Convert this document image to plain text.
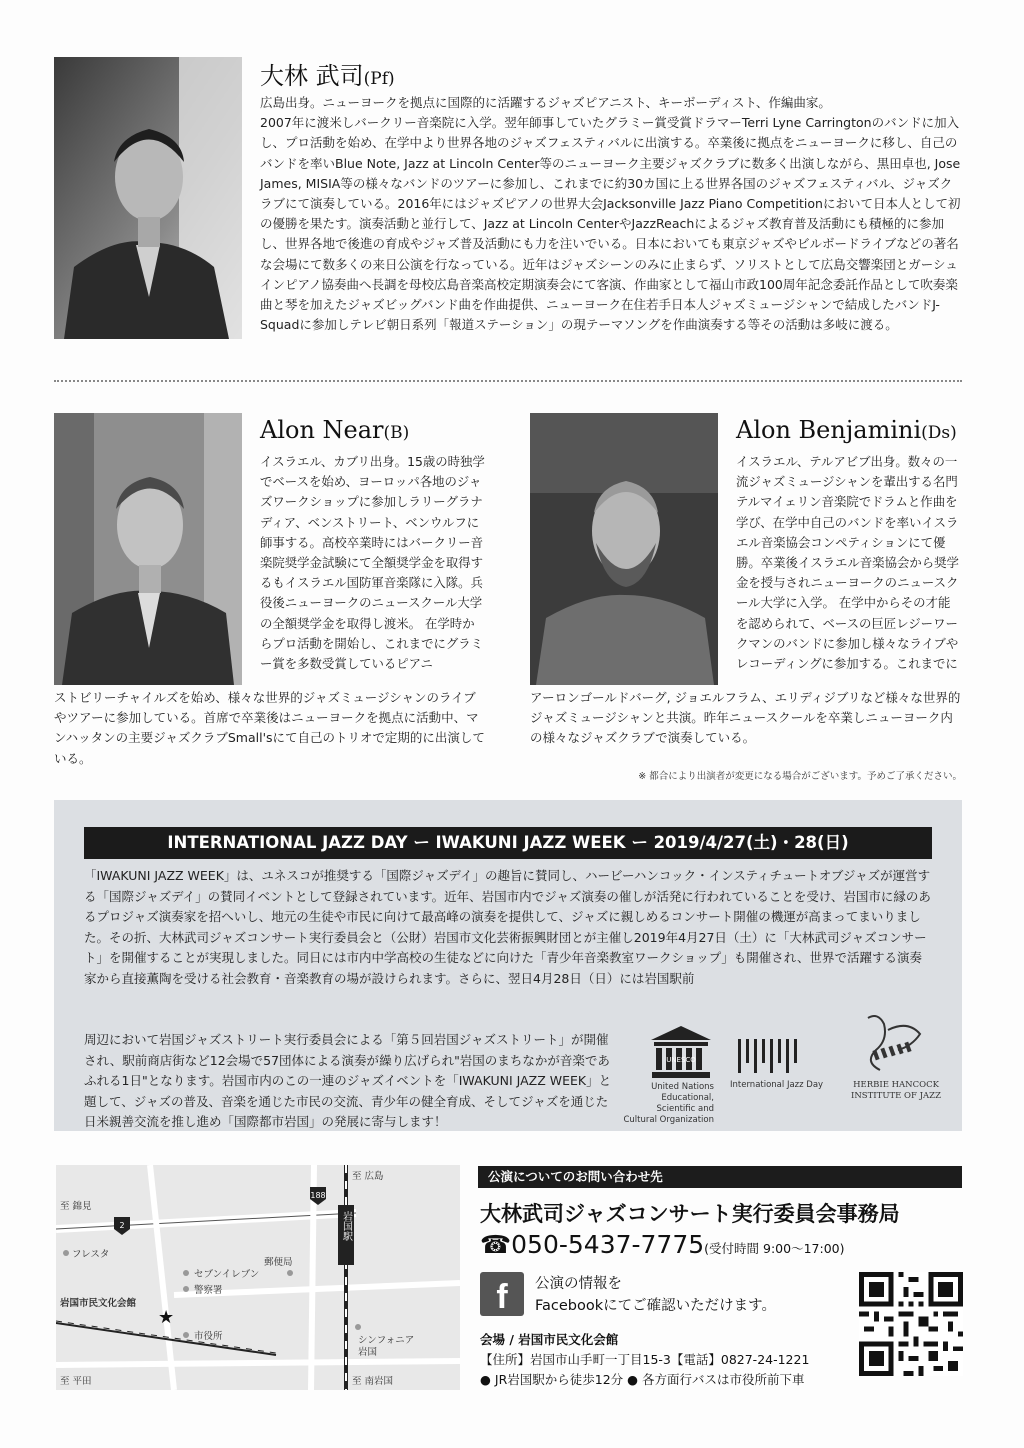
大林 武司(Pf)

広島出身。ニューヨークを拠点に国際的に活躍するジャズピアニスト、キーボーディスト、作編曲家。

2007年に渡米しバークリー音楽院に入学。翌年師事していたグラミー賞受賞ドラマーTerri Lyne Carringtonのバンドに加入し、プロ活動を始め、在学中より世界各地のジャズフェスティバルに出演する。卒業後に拠点をニューヨークに移し、自己のバンドを率いBlue Note, Jazz at Lincoln Center等のニューヨーク主要ジャズクラブに数多く出演しながら、黒田卓也, Jose James, MISIA等の様々なバンドのツアーに参加し、これまでに約30カ国に上る世界各国のジャズフェスティバル、ジャズクラブにて演奏している。2016年にはジャズピアノの世界大会Jacksonville Jazz Piano Competitionにおいて日本人として初の優勝を果たす。演奏活動と並行して、Jazz at Lincoln CenterやJazzReachによるジャズ教育普及活動にも積極的に参加し、世界各地で後進の育成やジャズ普及活動にも力を注いでいる。日本においても東京ジャズやビルボードライブなどの著名な会場にて数多くの来日公演を行なっている。近年はジャズシーンのみに止まらず、ソリストとして広島交響楽団とガーシュインピアノ協奏曲へ長調を母校広島音楽高校定期演奏会にて客演、作曲家として福山市政100周年記念委託作品として吹奏楽曲と琴を加えたジャズビッグバンド曲を作曲提供、ニューヨーク在住若手日本人ジャズミュージシャンで結成したバンドJ-Squadに参加しテレビ朝日系列「報道ステーション」の現テーマソングを作曲演奏する等その活動は多岐に渡る。

Alon Near(B)

イスラエル、カブリ出身。15歳の時独学でベースを始め、ヨーロッパ各地のジャズワークショップに参加しラリーグラナディア、ベンストリート、ベンウルフに師事する。高校卒業時にはバークリー音楽院奨学金試験にて全額奨学金を取得するもイスラエル国防軍音楽隊に入隊。兵役後ニューヨークのニュースクール大学の全額奨学金を取得し渡米。 在学時からプロ活動を開始し、これまでにグラミー賞を多数受賞しているピアニ

ストビリーチャイルズを始め、様々な世界的ジャズミュージシャンのライブやツアーに参加している。首席で卒業後はニューヨークを拠点に活動中、マンハッタンの主要ジャズクラブSmall'sにて自己のトリオで定期的に出演している。

Alon Benjamini(Ds)

イスラエル、テルアビブ出身。数々の一流ジャズミュージシャンを輩出する名門テルマイェリン音楽院でドラムと作曲を学び、在学中自己のバンドを率いイスラエル音楽協会コンペティションにて優勝。卒業後イスラエル音楽協会から奨学金を授与されニューヨークのニュースクール大学に入学。 在学中からその才能を認められて、ベースの巨匠レジーワークマンのバンドに参加し様々なライブやレコーディングに参加する。これまでに

アーロンゴールドバーグ, ジョエルフラム、エリディジブリなど様々な世界的ジャズミュージシャンと共演。昨年ニュースクールを卒業しニューヨーク内の様々なジャズクラブで演奏している。

※ 都合により出演者が変更になる場合がございます。予めご了承ください。
INTERNATIONAL JAZZ DAY ー IWAKUNI JAZZ WEEK ー 2019/4/27(土)・28(日)
「IWAKUNI JAZZ WEEK」は、ユネスコが推奨する「国際ジャズデイ」の趣旨に賛同し、ハービーハンコック・インスティチュートオブジャズが運営する「国際ジャズデイ」の賛同イベントとして登録されています。近年、岩国市内でジャズ演奏の催しが活発に行われていることを受け、岩国市に縁のあるプロジャズ演奏家を招へいし、地元の生徒や市民に向けて最高峰の演奏を提供して、ジャズに親しめるコンサート開催の機運が高まってまいりました。その折、大林武司ジャズコンサート実行委員会と（公財）岩国市文化芸術振興財団とが主催し2019年4月27日（土）に「大林武司ジャズコンサート」を開催することが実現しました。同日には市内中学高校の生徒などに向けた「青少年音楽教室ワークショップ」も開催され、世界で活躍する演奏家から直接薫陶を受ける社会教育・音楽教育の場が設けられます。さらに、翌日4月28日（日）には岩国駅前
周辺において岩国ジャズストリート実行委員会による「第５回岩国ジャズストリート」が開催され、駅前商店街など12会場で57団体による演奏が繰り広げられ"岩国のまちなかが音楽であふれる1日"となります。岩国市内のこの一連のジャズイベントを「IWAKUNI JAZZ WEEK」と題して、ジャズの普及、音楽を通じた市民の交流、青少年の健全育成、そしてジャズを通じた日米親善交流を推し進め「国際都市岩国」の発展に寄与します！
UNESCO
United Nations
Educational, Scientific and
Cultural Organization
International Jazz Day	HERBIE HANCOCK
INSTITUTE OF JAZZ
岩国駅
188
2
至 広島
至 錦見
至 平田	至 南岩国
フレスタ
郵便局
セブンイレブン
警察署
岩国市民文化会館
★
市役所	シンフォニア岩国
公演についてのお問い合わせ先
大林武司ジャズコンサート実行委員会事務局
☎050-5437-7775(受付時間 9:00〜17:00)
f	公演の情報を
Facebookにてご確認いただけます。
会場 / 岩国市民文化会館
【住所】岩国市山手町一丁目15-3【電話】0827-24-1221
● JR岩国駅から徒歩12分 ● 各方面行バスは市役所前下車
